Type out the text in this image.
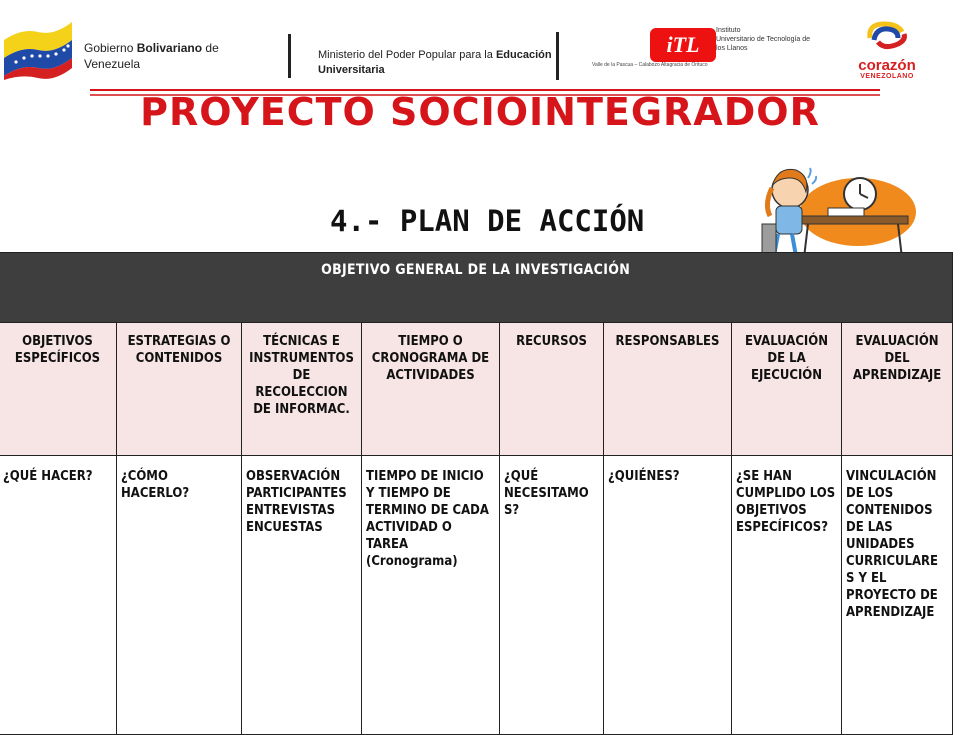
Gobierno Bolivariano de
Venezuela
Ministerio del Poder Popular para la Educación
Universitaria
iTL
Instituto
Universitario de Tecnología de
los Llanos
Valle de la Pascua – Calabozo Altagracia de Orituco	corazón
VENEZOLANO
PROYECTO SOCIOINTEGRADOR
4.- PLAN DE ACCIÓN
OBJETIVO GENERAL DE LA INVESTIGACIÓN							
OBJETIVOS ESPECÍFICOS	ESTRATEGIAS O CONTENIDOS	TÉCNICAS E INSTRUMENTOS DE RECOLECCION DE INFORMAC.	TIEMPO O CRONOGRAMA DE ACTIVIDADES	RECURSOS	RESPONSABLES	EVALUACIÓN DE LA EJECUCIÓN	EVALUACIÓN DEL APRENDIZAJE
¿QUÉ HACER?	¿CÓMO HACERLO?	OBSERVACIÓN PARTICIPANTES ENTREVISTAS ENCUESTAS	TIEMPO DE INICIO Y TIEMPO DE TERMINO DE CADA ACTIVIDAD O TAREA (Cronograma)	¿QUÉ NECESITAMO S?	¿QUIÉNES?	¿SE HAN CUMPLIDO LOS OBJETIVOS ESPECÍFICOS?	VINCULACIÓN DE LOS CONTENIDOS DE LAS UNIDADES CURRICULARE S Y EL PROYECTO DE APRENDIZAJE
